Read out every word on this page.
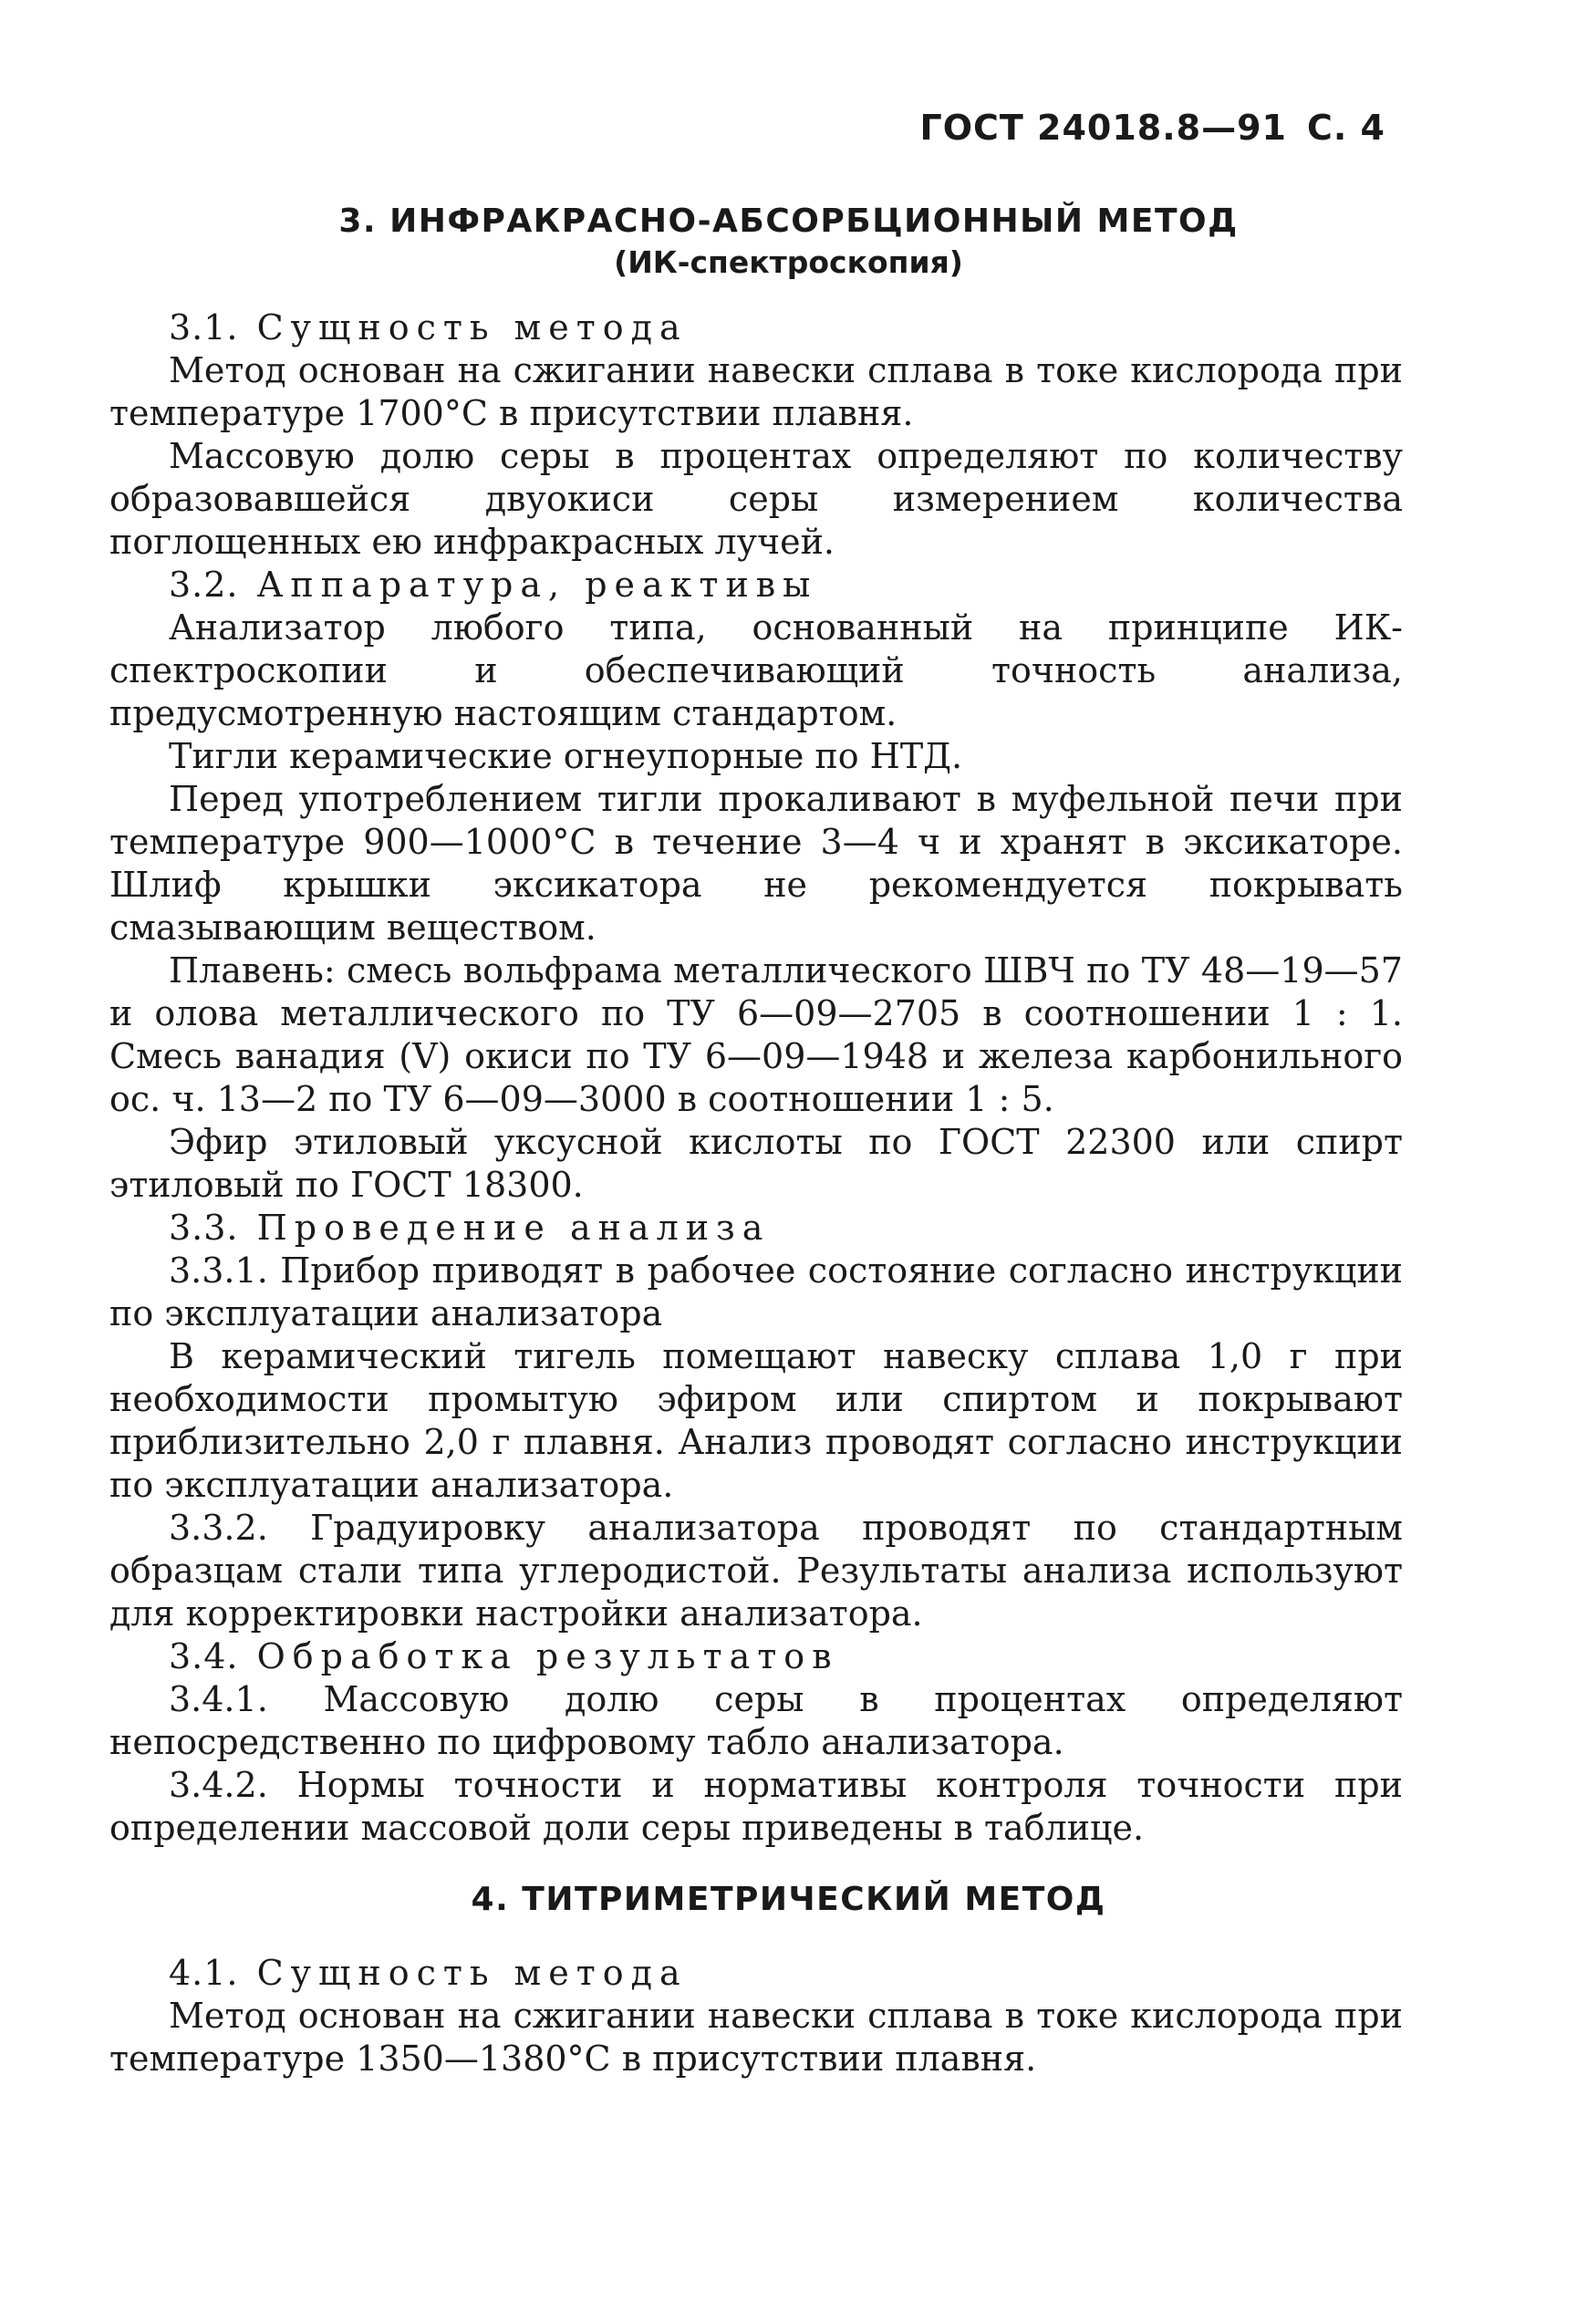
ГОСТ 24018.8—91 С. 4
3. ИНФРАКРАСНО-АБСОРБЦИОННЫЙ МЕТОД
(ИК-спектроскопия)

3.1. Сущность метода

Метод основан на сжигании навески сплава в токе кислорода при температуре 1700°С в присутствии плавня.

Массовую долю серы в процентах определяют по количеству образовавшейся двуокиси серы измерением количества поглощенных ею инфракрасных лучей.

3.2. Аппаратура, реактивы

Анализатор любого типа, основанный на принципе ИК-спектроскопии и обеспечивающий точность анализа, предусмотренную настоящим стандартом.

Тигли керамические огнеупорные по НТД.

Перед употреблением тигли прокаливают в муфельной печи при температуре 900—1000°С в течение 3—4 ч и хранят в эксикаторе. Шлиф крышки эксикатора не рекомендуется покрывать смазывающим веществом.

Плавень: смесь вольфрама металлического ШВЧ по ТУ 48—19—57 и олова металлического по ТУ 6—09—2705 в соотношении 1 : 1. Смесь ванадия (V) окиси по ТУ 6—09—1948 и железа карбонильного ос. ч. 13—2 по ТУ 6—09—3000 в соотношении 1 : 5.

Эфир этиловый уксусной кислоты по ГОСТ 22300 или спирт этиловый по ГОСТ 18300.

3.3. Проведение анализа

3.3.1. Прибор приводят в рабочее состояние согласно инструкции по эксплуатации анализатора

В керамический тигель помещают навеску сплава 1,0 г при необходимости промытую эфиром или спиртом и покрывают приблизительно 2,0 г плавня. Анализ проводят согласно инструкции по эксплуатации анализатора.

3.3.2. Градуировку анализатора проводят по стандартным образцам стали типа углеродистой. Результаты анализа используют для корректировки настройки анализатора.

3.4. Обработка результатов

3.4.1. Массовую долю серы в процентах определяют непосредственно по цифровому табло анализатора.

3.4.2. Нормы точности и нормативы контроля точности при определении массовой доли серы приведены в таблице.

4. ТИТРИМЕТРИЧЕСКИЙ МЕТОД

4.1. Сущность метода

Метод основан на сжигании навески сплава в токе кислорода при температуре 1350—1380°С в присутствии плавня.
